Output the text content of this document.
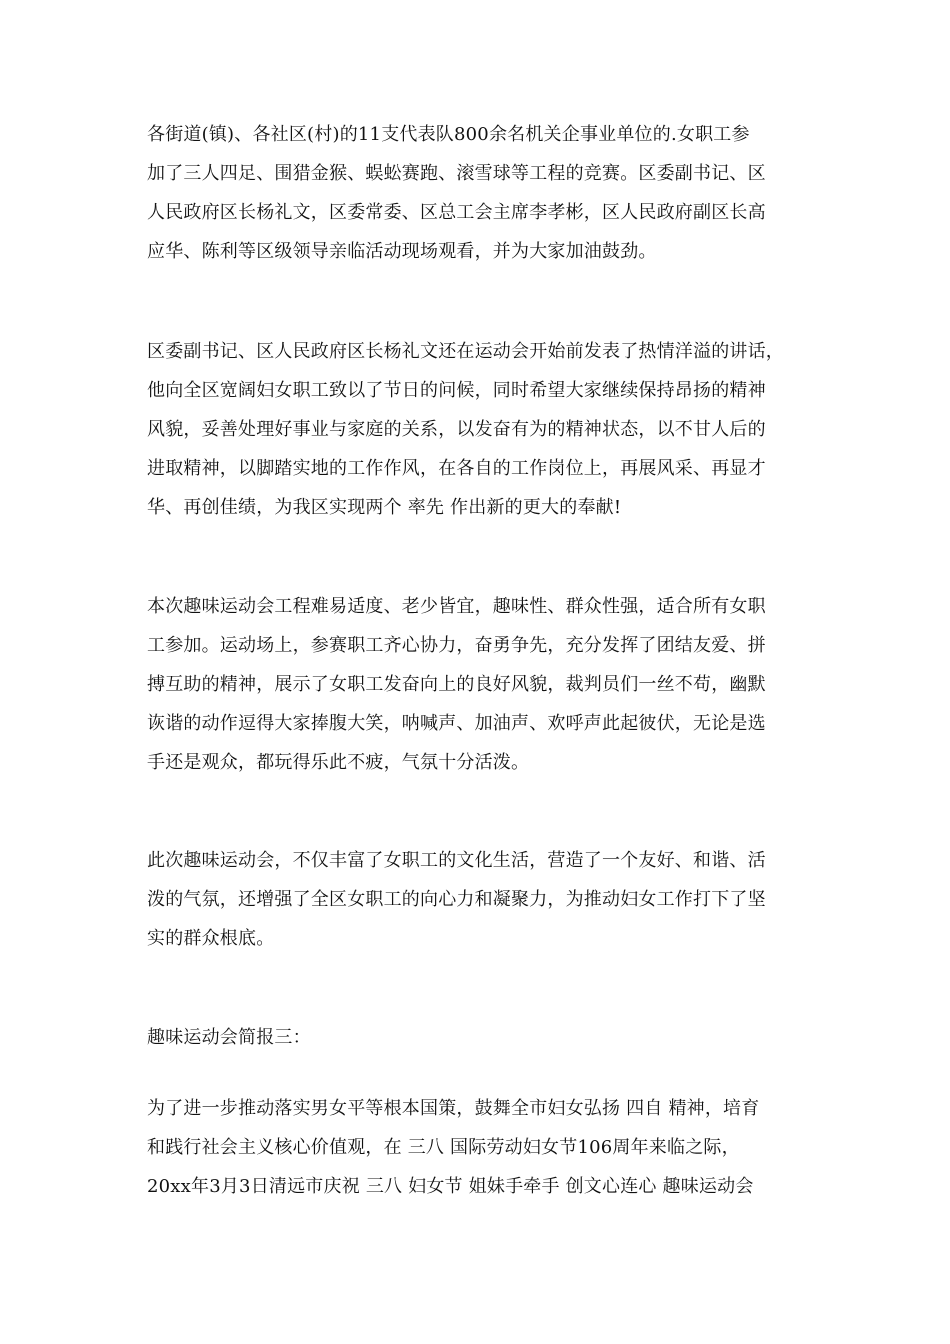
各街道(镇)、各社区(村)的11支代表队800余名机关企事业单位的.女职工参
加了三人四足、围猎金猴、蜈蚣赛跑、滚雪球等工程的竞赛。区委副书记、区
人民政府区长杨礼文，区委常委、区总工会主席李孝彬，区人民政府副区长高
应华、陈利等区级领导亲临活动现场观看，并为大家加油鼓劲。
区委副书记、区人民政府区长杨礼文还在运动会开始前发表了热情洋溢的讲话，
他向全区宽阔妇女职工致以了节日的问候，同时希望大家继续保持昂扬的精神
风貌，妥善处理好事业与家庭的关系，以发奋有为的精神状态，以不甘人后的
进取精神，以脚踏实地的工作作风，在各自的工作岗位上，再展风采、再显才
华、再创佳绩，为我区实现两个 率先 作出新的更大的奉献!
本次趣味运动会工程难易适度、老少皆宜，趣味性、群众性强，适合所有女职
工参加。运动场上，参赛职工齐心协力，奋勇争先，充分发挥了团结友爱、拼
搏互助的精神，展示了女职工发奋向上的良好风貌，裁判员们一丝不苟，幽默
诙谐的动作逗得大家捧腹大笑，呐喊声、加油声、欢呼声此起彼伏，无论是选
手还是观众，都玩得乐此不疲，气氛十分活泼。
此次趣味运动会，不仅丰富了女职工的文化生活，营造了一个友好、和谐、活
泼的气氛，还增强了全区女职工的向心力和凝聚力，为推动妇女工作打下了坚
实的群众根底。
趣味运动会简报三：
为了进一步推动落实男女平等根本国策，鼓舞全市妇女弘扬 四自 精神，培育
和践行社会主义核心价值观，在 三八 国际劳动妇女节106周年来临之际，
20xx年3月3日清远市庆祝 三八 妇女节 姐妹手牵手 创文心连心 趣味运动会
